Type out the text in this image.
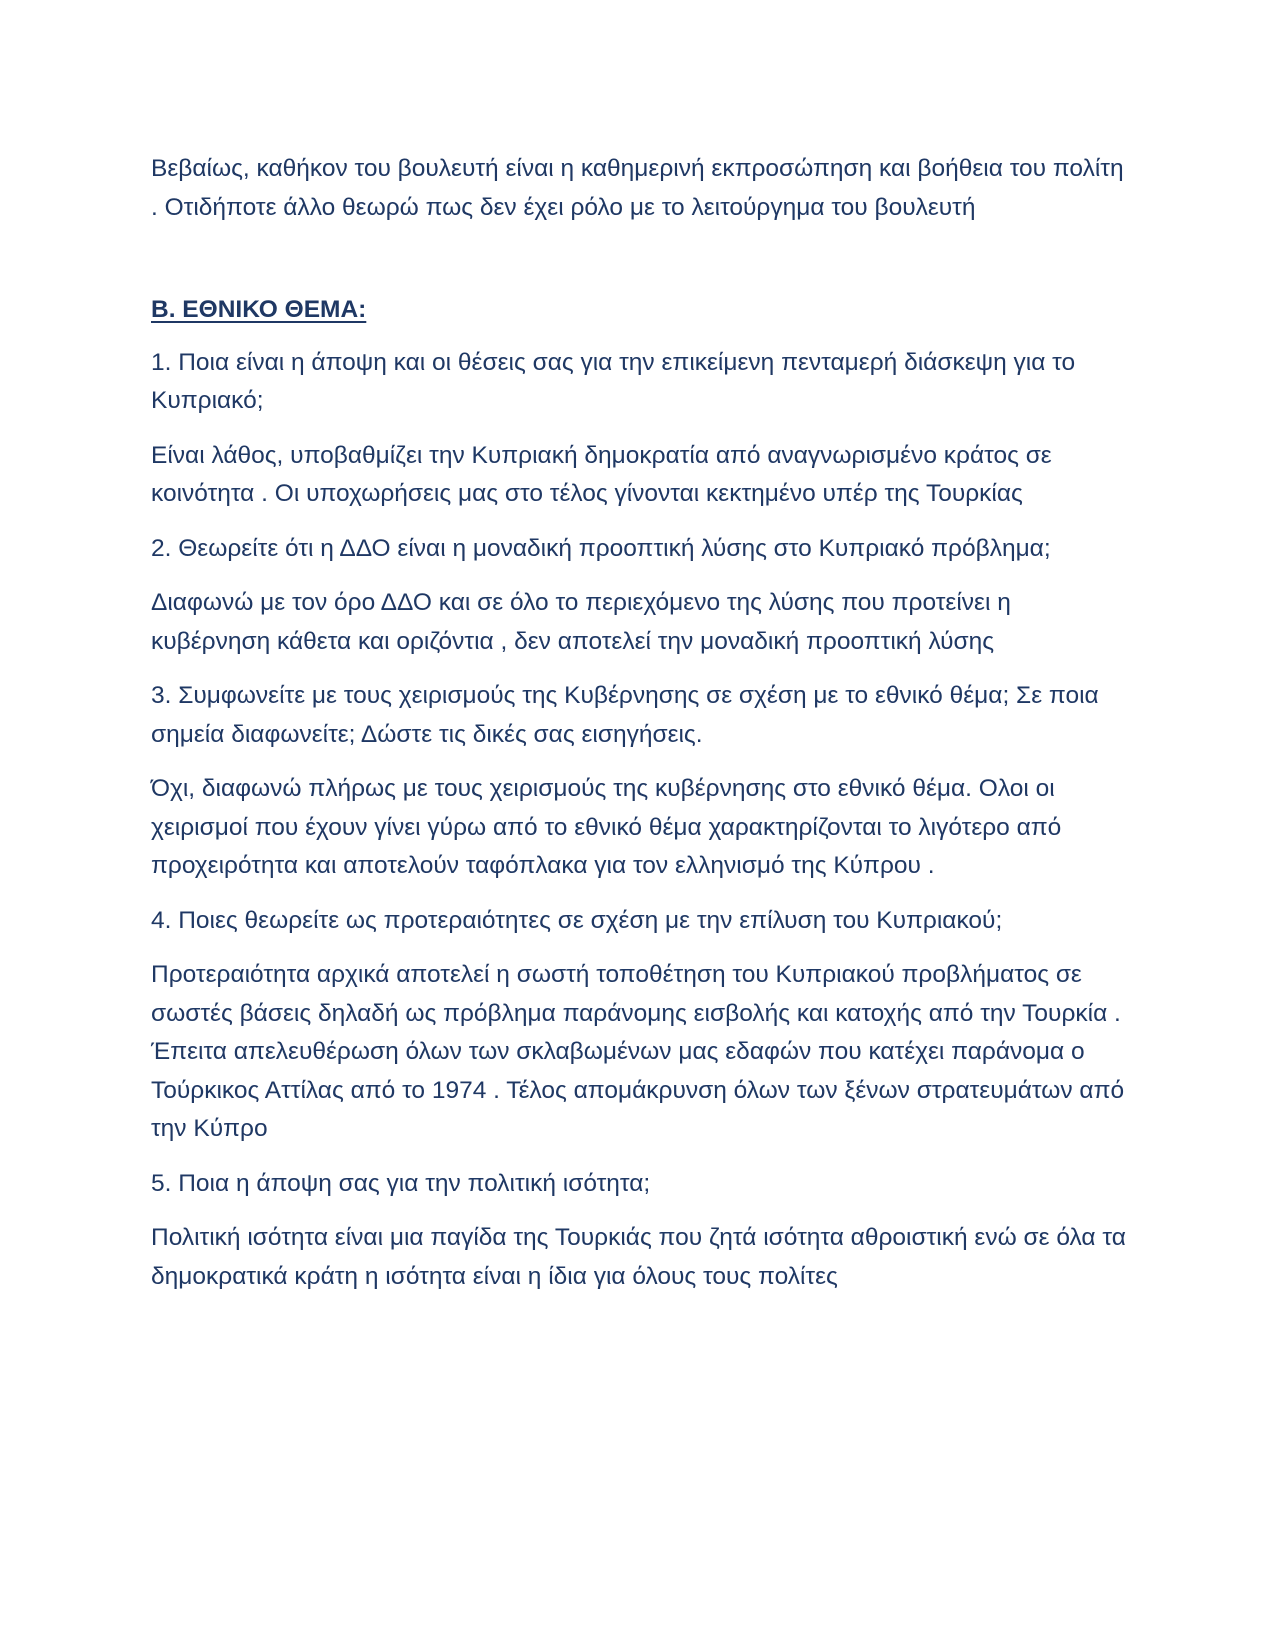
Βεβαίως, καθήκον του βουλευτή είναι η καθημερινή εκπροσώπηση και βοήθεια του πολίτη . Οτιδήποτε άλλο θεωρώ πως δεν έχει ρόλο με το λειτούργημα του βουλευτή

Β. ΕΘΝΙΚΟ ΘΕΜΑ:

1. Ποια είναι η άποψη και οι θέσεις σας για την επικείμενη πενταμερή διάσκεψη για το Κυπριακό;

Είναι λάθος, υποβαθμίζει την Κυπριακή δημοκρατία από αναγνωρισμένο κράτος σε κοινότητα . Οι υποχωρήσεις μας στο τέλος γίνονται κεκτημένο υπέρ της Τουρκίας

2. Θεωρείτε ότι η ΔΔΟ είναι η μοναδική προοπτική λύσης στο Κυπριακό πρόβλημα;

Διαφωνώ με τον όρο ΔΔΟ και σε όλο το περιεχόμενο της λύσης που προτείνει η κυβέρνηση κάθετα και οριζόντια , δεν αποτελεί την μοναδική προοπτική λύσης

3. Συμφωνείτε με τους χειρισμούς της Κυβέρνησης σε σχέση με το εθνικό θέμα; Σε ποια σημεία διαφωνείτε; Δώστε τις δικές σας εισηγήσεις.

Όχι, διαφωνώ πλήρως με τους χειρισμούς της κυβέρνησης στο εθνικό θέμα. Ολοι οι χειρισμοί που έχουν γίνει γύρω από το εθνικό θέμα χαρακτηρίζονται το λιγότερο από προχειρότητα και αποτελούν ταφόπλακα για τον ελληνισμό της Κύπρου .

4. Ποιες θεωρείτε ως προτεραιότητες σε σχέση με την επίλυση του Κυπριακού;

Προτεραιότητα αρχικά αποτελεί η σωστή τοποθέτηση του Κυπριακού προβλήματος σε σωστές βάσεις δηλαδή ως πρόβλημα παράνομης εισβολής και κατοχής από την Τουρκία . Έπειτα απελευθέρωση όλων των σκλαβωμένων μας εδαφών που κατέχει παράνομα ο Τούρκικος Αττίλας από το 1974 . Τέλος απομάκρυνση όλων των ξένων στρατευμάτων από την Κύπρο

5. Ποια η άποψη σας για την πολιτική ισότητα;

Πολιτική ισότητα είναι μια παγίδα της Τουρκιάς που ζητά ισότητα αθροιστική ενώ σε όλα τα δημοκρατικά κράτη η ισότητα είναι η ίδια για όλους τους πολίτες
